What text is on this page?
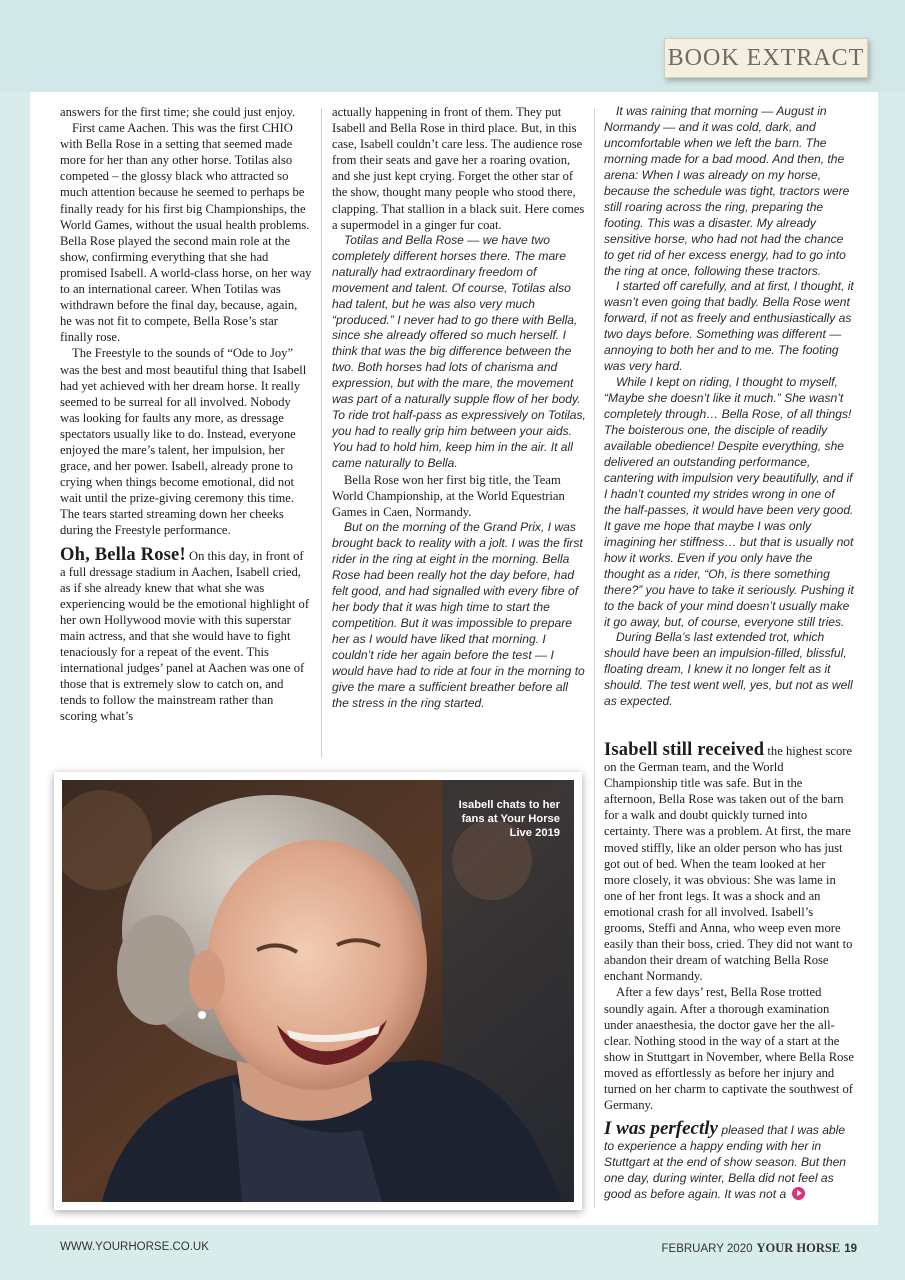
BOOK EXTRACT

answers for the first time; she could just enjoy.

First came Aachen. This was the first CHIO with Bella Rose in a setting that seemed made more for her than any other horse. Totilas also competed – the glossy black who attracted so much attention because he seemed to perhaps be finally ready for his first big Championships, the World Games, without the usual health problems. Bella Rose played the second main role at the show, confirming everything that she had promised Isabell. A world-class horse, on her way to an international career. When Totilas was withdrawn before the final day, because, again, he was not fit to compete, Bella Rose’s star finally rose.

The Freestyle to the sounds of “Ode to Joy” was the best and most beautiful thing that Isabell had yet achieved with her dream horse. It really seemed to be surreal for all involved. Nobody was looking for faults any more, as dressage spectators usually like to do. Instead, everyone enjoyed the mare’s talent, her impulsion, her grace, and her power. Isabell, already prone to crying when things become emotional, did not wait until the prize-giving ceremony this time. The tears started streaming down her cheeks during the Freestyle performance.

Oh, Bella Rose! On this day, in front of a full dressage stadium in Aachen, Isabell cried, as if she already knew that what she was experiencing would be the emotional highlight of her own Hollywood movie with this superstar main actress, and that she would have to fight tenaciously for a repeat of the event. This international judges’ panel at Aachen was one of those that is extremely slow to catch on, and tends to follow the mainstream rather than scoring what’s

actually happening in front of them. They put Isabell and Bella Rose in third place. But, in this case, Isabell couldn’t care less. The audience rose from their seats and gave her a roaring ovation, and she just kept crying. Forget the other star of the show, thought many people who stood there, clapping. That stallion in a black suit. Here comes a supermodel in a ginger fur coat.

Totilas and Bella Rose — we have two completely different horses there. The mare naturally had extraordinary freedom of movement and talent. Of course, Totilas also had talent, but he was also very much “produced.” I never had to go there with Bella, since she already offered so much herself. I think that was the big difference between the two. Both horses had lots of charisma and expression, but with the mare, the movement was part of a naturally supple flow of her body. To ride trot half-pass as expressively on Totilas, you had to really grip him between your aids. You had to hold him, keep him in the air. It all came naturally to Bella.

Bella Rose won her first big title, the Team World Championship, at the World Equestrian Games in Caen, Normandy.

But on the morning of the Grand Prix, I was brought back to reality with a jolt. I was the first rider in the ring at eight in the morning. Bella Rose had been really hot the day before, had felt good, and had signalled with every fibre of her body that it was high time to start the competition. But it was impossible to prepare her as I would have liked that morning. I couldn’t ride her again before the test — I would have had to ride at four in the morning to give the mare a sufficient breather before all the stress in the ring started.

It was raining that morning — August in Normandy — and it was cold, dark, and uncomfortable when we left the barn. The morning made for a bad mood. And then, the arena: When I was already on my horse, because the schedule was tight, tractors were still roaring across the ring, preparing the footing. This was a disaster. My already sensitive horse, who had not had the chance to get rid of her excess energy, had to go into the ring at once, following these tractors.

I started off carefully, and at first, I thought, it wasn’t even going that badly. Bella Rose went forward, if not as freely and enthusiastically as two days before. Something was different — annoying to both her and to me. The footing was very hard.

While I kept on riding, I thought to myself, “Maybe she doesn’t like it much.” She wasn’t completely through… Bella Rose, of all things! The boisterous one, the disciple of readily available obedience! Despite everything, she delivered an outstanding performance, cantering with impulsion very beautifully, and if I hadn’t counted my strides wrong in one of the half-passes, it would have been very good. It gave me hope that maybe I was only imagining her stiffness… but that is usually not how it works. Even if you only have the thought as a rider, “Oh, is there something there?” you have to take it seriously. Pushing it to the back of your mind doesn’t usually make it go away, but, of course, everyone still tries.

During Bella’s last extended trot, which should have been an impulsion-filled, blissful, floating dream, I knew it no longer felt as it should. The test went well, yes, but not as well as expected.

Isabell still received the highest score on the German team, and the World Championship title was safe. But in the afternoon, Bella Rose was taken out of the barn for a walk and doubt quickly turned into certainty. There was a problem. At first, the mare moved stiffly, like an older person who has just got out of bed. When the team looked at her more closely, it was obvious: She was lame in one of her front legs. It was a shock and an emotional crash for all involved. Isabell’s grooms, Steffi and Anna, who weep even more easily than their boss, cried. They did not want to abandon their dream of watching Bella Rose enchant Normandy.

After a few days’ rest, Bella Rose trotted soundly again. After a thorough examination under anaesthesia, the doctor gave her the all-clear. Nothing stood in the way of a start at the show in Stuttgart in November, where Bella Rose moved as effortlessly as before her injury and turned on her charm to captivate the southwest of Germany.

I was perfectly pleased that I was able to experience a happy ending with her in Stuttgart at the end of show season. But then one day, during winter, Bella did not feel as good as before again. It was not a

Isabell chats to her fans at Your Horse Live 2019
WWW.YOURHORSE.CO.UK	FEBRUARY 2020 YOUR HORSE 19
